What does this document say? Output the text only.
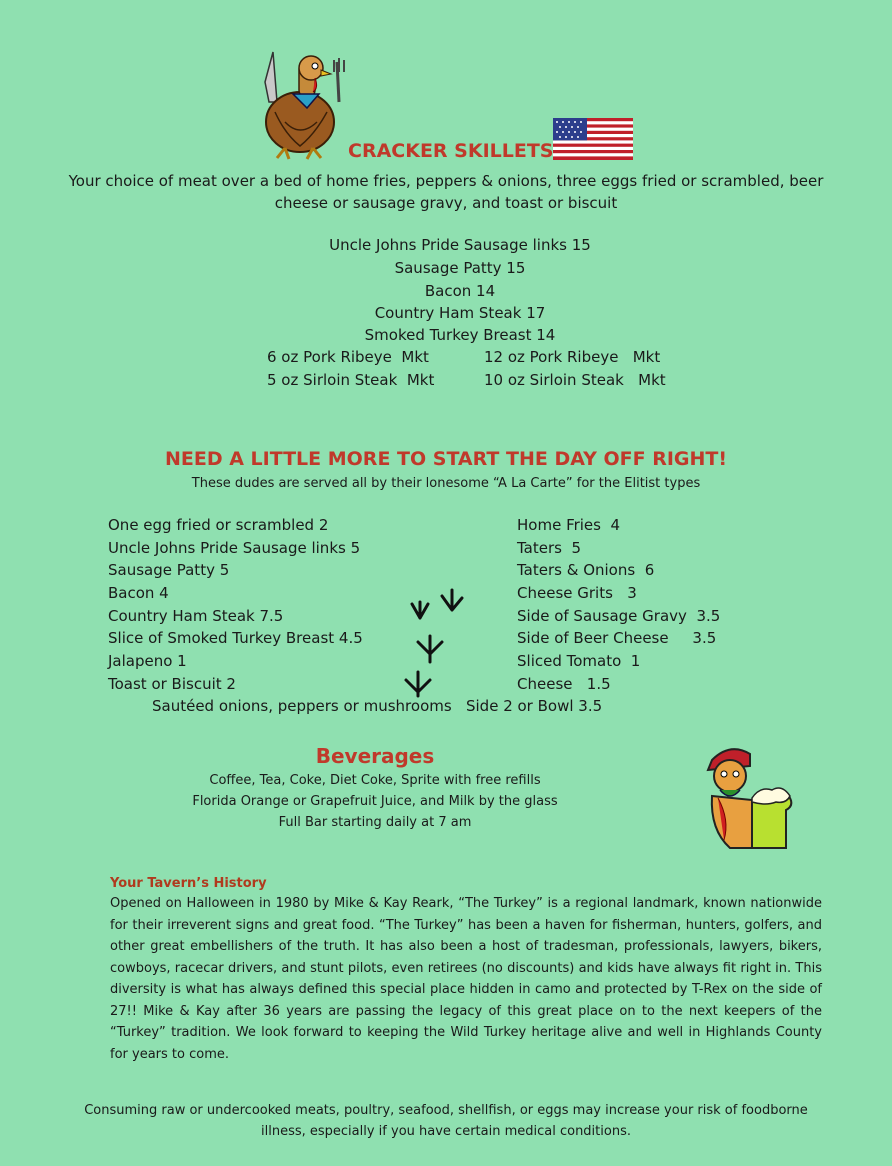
CRACKER SKILLETS
Your choice of meat over a bed of home fries, peppers & onions, three eggs fried or scrambled, beer cheese or sausage gravy, and toast or biscuit
Uncle Johns Pride Sausage links 15
Sausage Patty 15
Bacon 14
Country Ham Steak 17
Smoked Turkey Breast 14
6 oz Pork Ribeye  Mkt
5 oz Sirloin Steak  Mkt
12 oz Pork Ribeye   Mkt
10 oz Sirloin Steak   Mkt
NEED A LITTLE MORE TO START THE DAY OFF RIGHT!
These dudes are served all by their lonesome “A La Carte” for the Elitist types
One egg fried or scrambled 2
Uncle Johns Pride Sausage links 5
Sausage Patty 5
Bacon 4
Country Ham Steak 7.5
Slice of Smoked Turkey Breast 4.5
Jalapeno 1
Toast or Biscuit 2
Home Fries  4
Taters  5
Taters & Onions  6
Cheese Grits   3
Side of Sausage Gravy  3.5
Side of Beer Cheese     3.5
Sliced Tomato  1
Cheese   1.5
Sautéed onions, peppers or mushrooms   Side 2 or Bowl 3.5
Beverages
Coffee, Tea, Coke, Diet Coke, Sprite with free refills
Florida Orange or Grapefruit Juice, and Milk by the glass
Full Bar starting daily at 7 am
Your Tavern’s History
Opened on Halloween in 1980 by Mike & Kay Reark, “The Turkey” is a regional landmark, known nationwide for their irreverent signs and great food. “The Turkey” has been a haven for fisherman, hunters, golfers, and other great embellishers of the truth. It has also been a host of tradesman, professionals, lawyers, bikers, cowboys, racecar drivers, and stunt pilots, even retirees (no discounts) and kids have always fit right in. This diversity is what has always defined this special place hidden in camo and protected by T-Rex on the side of 27!! Mike & Kay after 36 years are passing the legacy of this great place on to the next keepers of the “Turkey” tradition. We look forward to keeping the Wild Turkey heritage alive and well in Highlands County for years to come.
Consuming raw or undercooked meats, poultry, seafood, shellfish, or eggs may increase your risk of foodborne illness, especially if you have certain medical conditions.
